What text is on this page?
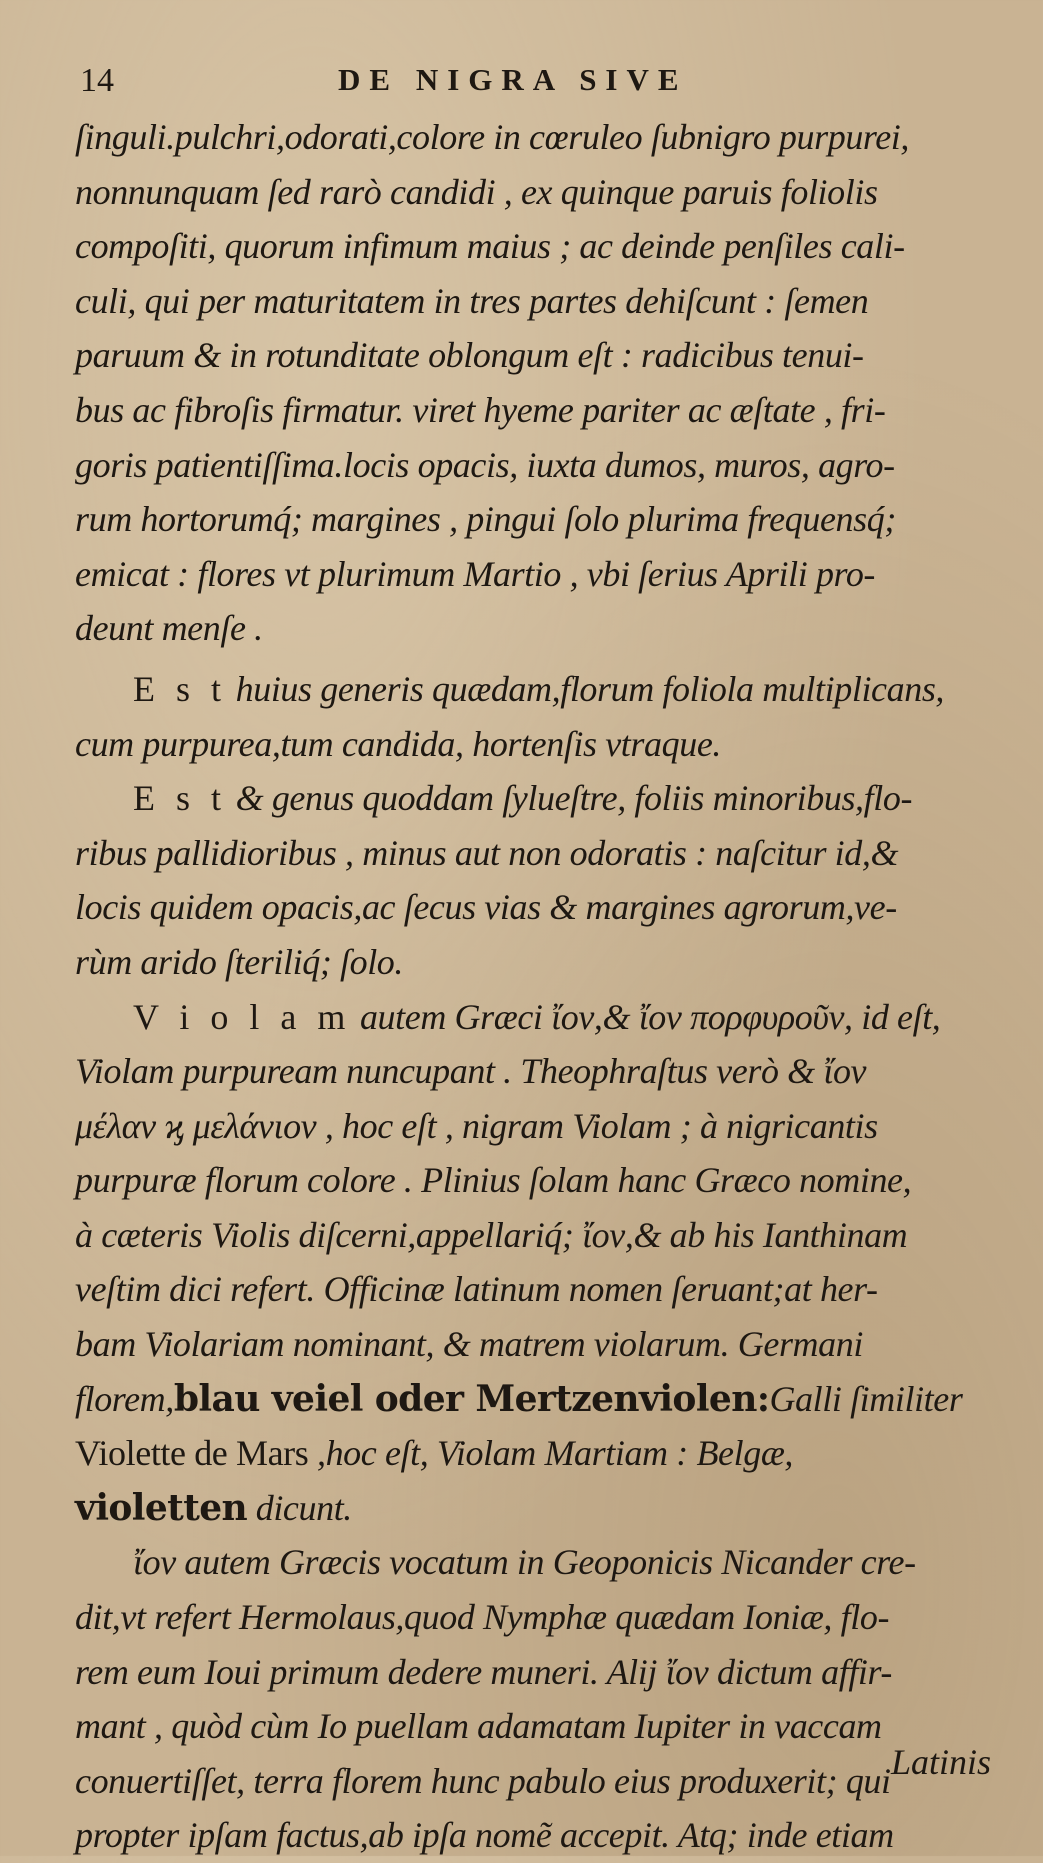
14	DE NIGRA SIVE
ſinguli.pulchri,odorati,colore in cœruleo ſubnigro purpurei,
nonnunquam ſed rarò candidi , ex quinque paruis foliolis
compoſiti, quorum infimum maius ; ac deinde penſiles cali-
culi, qui per maturitatem in tres partes dehiſcunt : ſemen
paruum & in rotunditate oblongum eſt : radicibus tenui-
bus ac fibroſis firmatur. viret hyeme pariter ac æſtate , fri-
goris patientiſſima.locis opacis, iuxta dumos, muros, agro-
rum hortorumq́; margines , pingui ſolo plurima frequensq́;
emicat : flores vt plurimum Martio , vbi ſerius Aprili pro-
deunt menſe .
E s t huius generis quædam,florum foliola multiplicans,
cum purpurea,tum candida, hortenſis vtraque.
E s t & genus quoddam ſylueſtre, foliis minoribus,flo-
ribus pallidioribus , minus aut non odoratis : naſcitur id,&
locis quidem opacis,ac ſecus vias & margines agrorum,ve-
rùm arido ſteriliq́; ſolo.
V i o l a m autem Græci ἴον,& ἴον πορφυροῦν, id eſt,
Violam purpuream nuncupant . Theophraſtus verò & ἴον
μέλαν ϗ μελάνιον , hoc eſt , nigram Violam ; à nigricantis
purpuræ florum colore . Plinius ſolam hanc Græco nomine,
à cæteris Violis diſcerni,appellariq́; ἴον,& ab his Ianthinam
veſtim dici refert. Officinæ latinum nomen ſeruant;at her-
bam Violariam nominant, & matrem violarum. Germani
florem,blau veiel oder Mertzenviolen:Galli ſimiliter
Violette de Mars ,hoc eſt, Violam Martiam : Belgæ,
violetten dicunt.
ἴον autem Græcis vocatum in Geoponicis Nicander cre-
dit,vt refert Hermolaus,quod Nymphæ quædam Ioniæ, flo-
rem eum Ioui primum dedere muneri. Alij ἴον dictum affir-
mant , quòd cùm Io puellam adamatam Iupiter in vaccam
conuertiſſet, terra florem hunc pabulo eius produxerit; qui
propter ipſam factus,ab ipſa nomẽ accepit. Atq; inde etiam
Latinis
